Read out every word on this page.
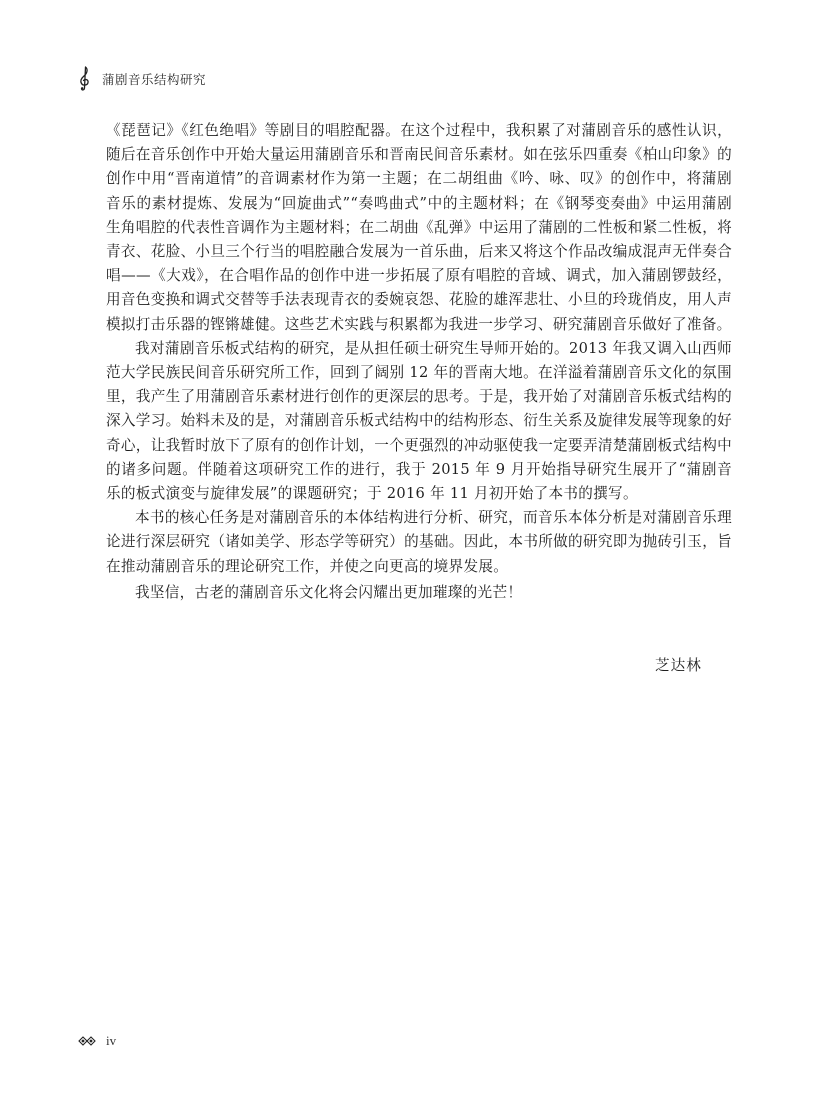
蒲剧音乐结构研究

《琵琶记》《红色绝唱》等剧目的唱腔配器。在这个过程中，我积累了对蒲剧音乐的感性认识，随后在音乐创作中开始大量运用蒲剧音乐和晋南民间音乐素材。如在弦乐四重奏《柏山印象》的创作中用“晋南道情”的音调素材作为第一主题；在二胡组曲《吟、咏、叹》的创作中，将蒲剧音乐的素材提炼、发展为“回旋曲式”“奏鸣曲式”中的主题材料；在《钢琴变奏曲》中运用蒲剧生角唱腔的代表性音调作为主题材料；在二胡曲《乱弹》中运用了蒲剧的二性板和紧二性板，将青衣、花脸、小旦三个行当的唱腔融合发展为一首乐曲，后来又将这个作品改编成混声无伴奏合唱——《大戏》，在合唱作品的创作中进一步拓展了原有唱腔的音域、调式，加入蒲剧锣鼓经，用音色变换和调式交替等手法表现青衣的委婉哀怨、花脸的雄浑悲壮、小旦的玲珑俏皮，用人声模拟打击乐器的铿锵雄健。这些艺术实践与积累都为我进一步学习、研究蒲剧音乐做好了准备。

我对蒲剧音乐板式结构的研究，是从担任硕士研究生导师开始的。2013 年我又调入山西师范大学民族民间音乐研究所工作，回到了阔别 12 年的晋南大地。在洋溢着蒲剧音乐文化的氛围里，我产生了用蒲剧音乐素材进行创作的更深层的思考。于是，我开始了对蒲剧音乐板式结构的深入学习。始料未及的是，对蒲剧音乐板式结构中的结构形态、衍生关系及旋律发展等现象的好奇心，让我暂时放下了原有的创作计划，一个更强烈的冲动驱使我一定要弄清楚蒲剧板式结构中的诸多问题。伴随着这项研究工作的进行，我于 2015 年 9 月开始指导研究生展开了“蒲剧音乐的板式演变与旋律发展”的课题研究；于 2016 年 11 月初开始了本书的撰写。

本书的核心任务是对蒲剧音乐的本体结构进行分析、研究，而音乐本体分析是对蒲剧音乐理论进行深层研究（诸如美学、形态学等研究）的基础。因此，本书所做的研究即为抛砖引玉，旨在推动蒲剧音乐的理论研究工作，并使之向更高的境界发展。

我坚信，古老的蒲剧音乐文化将会闪耀出更加璀璨的光芒！

芝达林
iv
